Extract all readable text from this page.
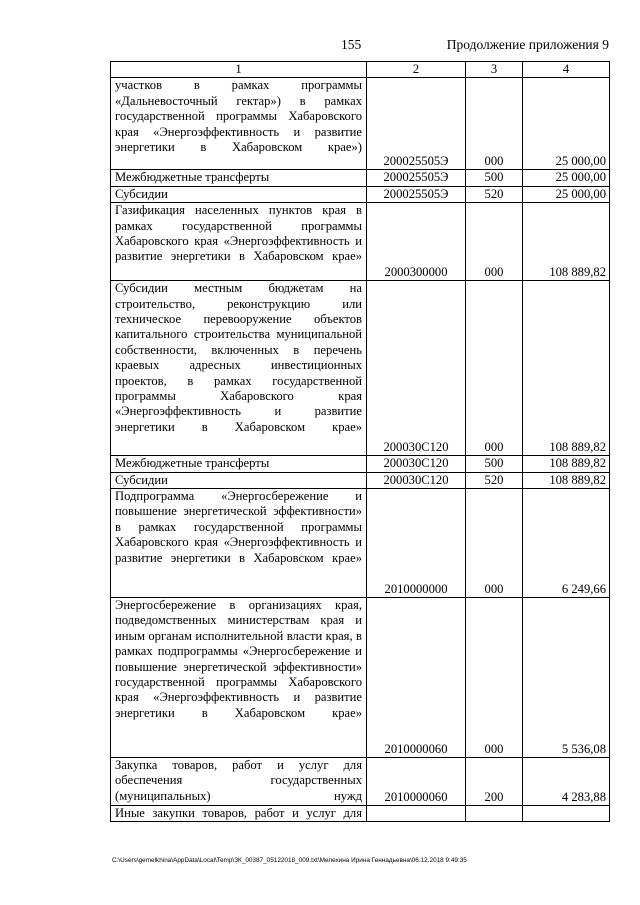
155	Продолжение приложения 9
1	2	3	4
участков в рамках программы «Дальневосточный гектар») в рамках государственной программы Хабаровского края «Энергоэффективность и развитие энергетики в Хабаровском крае»)	200025505Э	000	25 000,00
Межбюджетные трансферты	200025505Э	500	25 000,00
Субсидии	200025505Э	520	25 000,00
Газификация населенных пунктов края в рамках государственной программы Хабаровского края «Энергоэффективность и развитие энергетики в Хабаровском крае»	2000300000	000	108 889,82
Субсидии местным бюджетам на строительство, реконструкцию или техническое перевооружение объектов капитального строительства муниципальной собственности, включенных в перечень краевых адресных инвестиционных проектов, в рамках государственной программы Хабаровского края «Энергоэффективность и развитие энергетики в Хабаровском крае»	200030С120	000	108 889,82
Межбюджетные трансферты	200030С120	500	108 889,82
Субсидии	200030С120	520	108 889,82
Подпрограмма «Энергосбережение и повышение энергетической эффективности» в рамках государственной программы Хабаровского края «Энергоэффективность и развитие энергетики в Хабаровском крае»	2010000000	000	6 249,66
Энергосбережение в организациях края, подведомственных министерствам края и иным органам исполнительной власти края, в рамках подпрограммы «Энергосбережение и повышение энергетической эффективности» государственной программы Хабаровского края «Энергоэффективность и развитие энергетики в Хабаровском крае»	2010000060	000	5 536,08
Закупка товаров, работ и услуг для обеспечения государственных (муниципальных) нужд	2010000060	200	4 283,88
Иные закупки товаров, работ и услуг для			
C:\Users\gemelkhina\AppData\Local\Temp\ЗК_00387_05122018_009.txt\Мелехина Ирина Геннадьевна\06.12.2018 9:49:35
